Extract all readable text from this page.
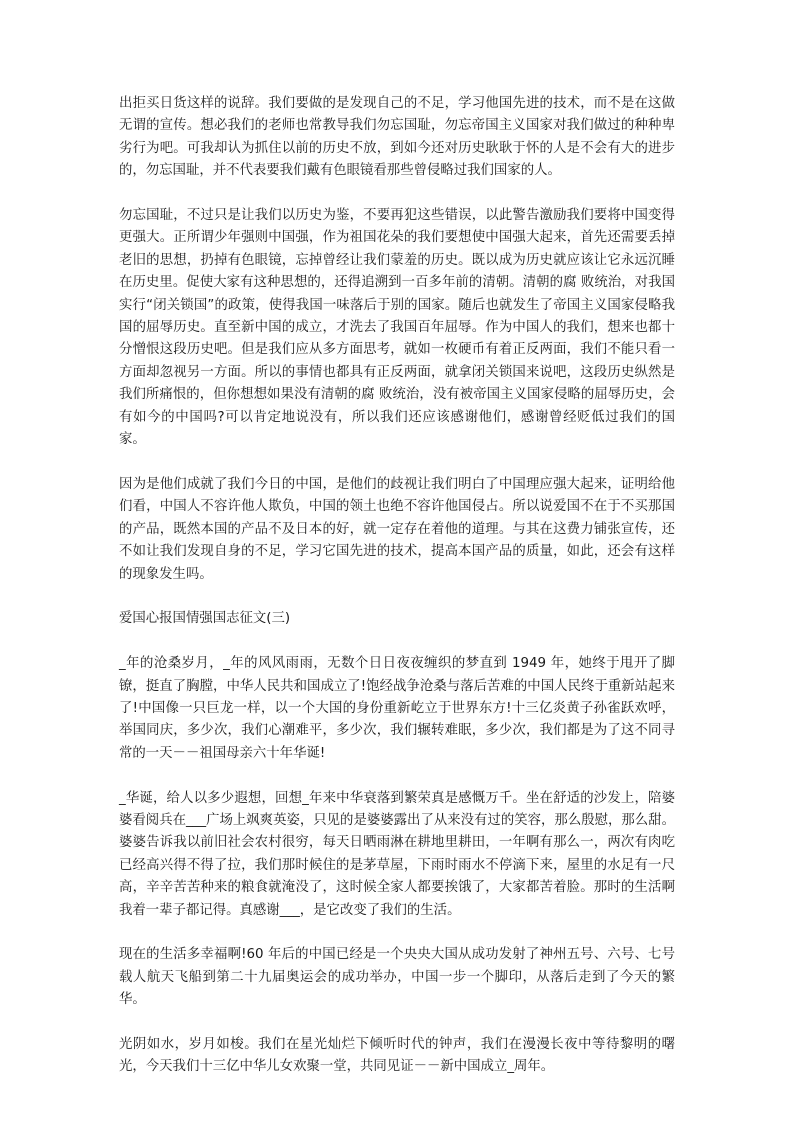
出拒买日货这样的说辞。我们要做的是发现自己的不足，学习他国先进的技术，而不是在这做无谓的宣传。想必我们的老师也常教导我们勿忘国耻，勿忘帝国主义国家对我们做过的种种卑劣行为吧。可我却认为抓住以前的历史不放，到如今还对历史耿耿于怀的人是不会有大的进步的，勿忘国耻，并不代表要我们戴有色眼镜看那些曾侵略过我们国家的人。

勿忘国耻，不过只是让我们以历史为鉴，不要再犯这些错误，以此警告激励我们要将中国变得更强大。正所谓少年强则中国强，作为祖国花朵的我们要想使中国强大起来，首先还需要丢掉老旧的思想，扔掉有色眼镜，忘掉曾经让我们蒙羞的历史。既以成为历史就应该让它永远沉睡在历史里。促使大家有这种思想的，还得追溯到一百多年前的清朝。清朝的腐 败统治，对我国实行“闭关锁国”的政策，使得我国一味落后于别的国家。随后也就发生了帝国主义国家侵略我国的屈辱历史。直至新中国的成立，才洗去了我国百年屈辱。作为中国人的我们，想来也都十分憎恨这段历史吧。但是我们应从多方面思考，就如一枚硬币有着正反两面，我们不能只看一方面却忽视另一方面。所以的事情也都具有正反两面，就拿闭关锁国来说吧，这段历史纵然是我们所痛恨的，但你想想如果没有清朝的腐 败统治，没有被帝国主义国家侵略的屈辱历史，会有如今的中国吗?可以肯定地说没有，所以我们还应该感谢他们，感谢曾经贬低过我们的国家。

因为是他们成就了我们今日的中国，是他们的歧视让我们明白了中国理应强大起来，证明给他们看，中国人不容许他人欺负，中国的领土也绝不容许他国侵占。所以说爱国不在于不买那国的产品，既然本国的产品不及日本的好，就一定存在着他的道理。与其在这费力铺张宣传，还不如让我们发现自身的不足，学习它国先进的技术，提高本国产品的质量，如此，还会有这样的现象发生吗。

爱国心报国情强国志征文(三)

_年的沧桑岁月，_年的风风雨雨，无数个日日夜夜缠织的梦直到 1949 年，她终于甩开了脚镣，挺直了胸膛，中华人民共和国成立了!饱经战争沧桑与落后苦难的中国人民终于重新站起来了!中国像一只巨龙一样，以一个大国的身份重新屹立于世界东方!十三亿炎黄子孙雀跃欢呼，举国同庆，多少次，我们心潮难平，多少次，我们辗转难眠，多少次，我们都是为了这不同寻常的一天－－祖国母亲六十年华诞!

_华诞，给人以多少遐想，回想_年来中华衰落到繁荣真是感慨万千。坐在舒适的沙发上，陪婆婆看阅兵在___广场上飒爽英姿，只见的是婆婆露出了从来没有过的笑容，那么殷慰，那么甜。婆婆告诉我以前旧社会农村很穷，每天日晒雨淋在耕地里耕田，一年啊有那么一，两次有肉吃已经高兴得不得了拉，我们那时候住的是茅草屋，下雨时雨水不停滴下来，屋里的水足有一尺高，辛辛苦苦种来的粮食就淹没了，这时候全家人都要挨饿了，大家都苦着脸。那时的生活啊我着一辈子都记得。真感谢___，是它改变了我们的生活。

现在的生活多幸福啊!60 年后的中国已经是一个央央大国从成功发射了神州五号、六号、七号载人航天飞船到第二十九届奥运会的成功举办，中国一步一个脚印，从落后走到了今天的繁华。

光阴如水，岁月如梭。我们在星光灿烂下倾听时代的钟声，我们在漫漫长夜中等待黎明的曙光，今天我们十三亿中华儿女欢聚一堂，共同见证－－新中国成立_周年。
